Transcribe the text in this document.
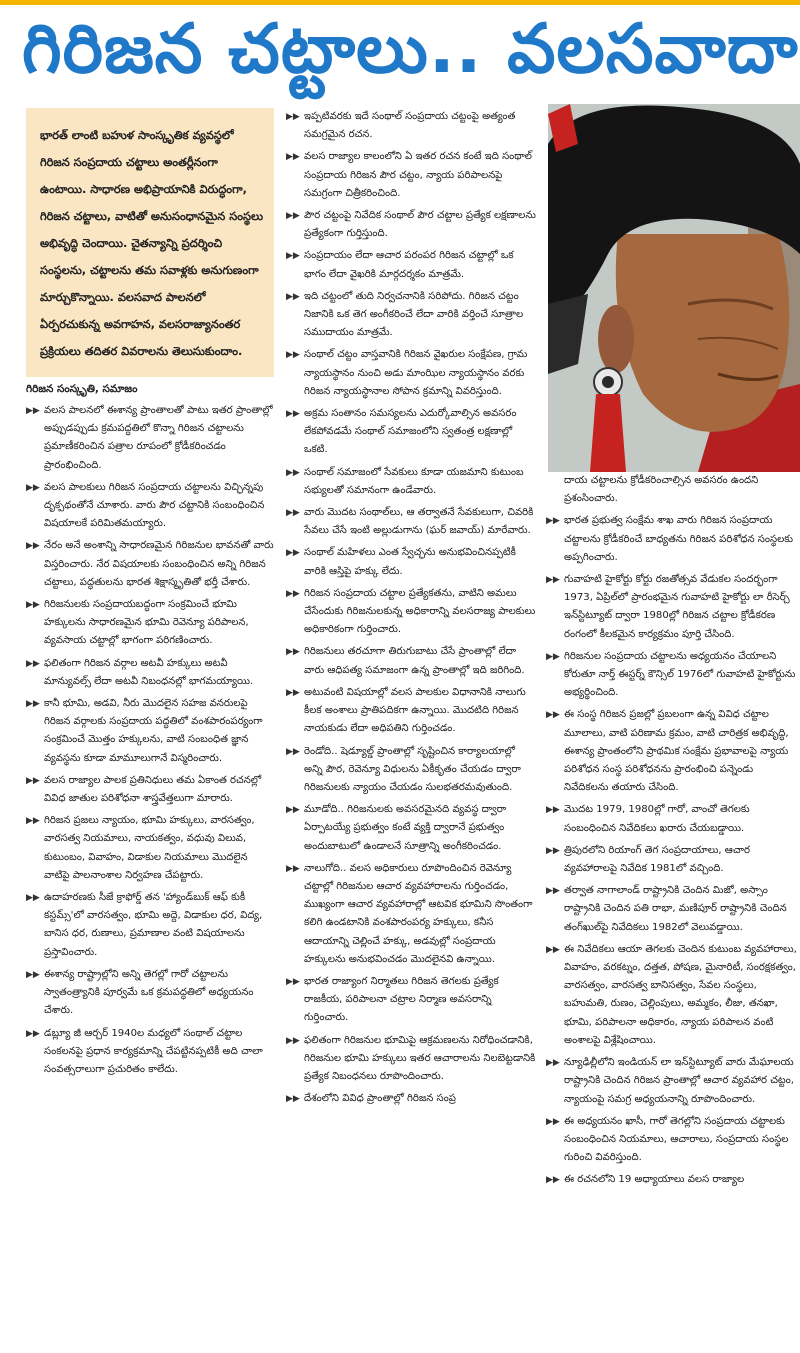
గిరిజన చట్టాలు.. వలసవాదా
భారత్ లాంటి బహుళ సాంస్కృతిక వ్యవస్థలో గిరిజన సంప్రదాయ చట్టాలు అంతర్లీనంగా ఉంటాయి. సాధారణ అభిప్రాయానికి విరుద్ధంగా, గిరిజన చట్టాలు, వాటితో అనుసంధానమైన సంస్థలు అభివృద్ధి చెందాయి. చైతన్యాన్ని ప్రదర్శించి సంస్థలను, చట్టాలను తమ సవాళ్లకు అనుగుణంగా మార్చుకొన్నాయి. వలసవాద పాలనలో ఏర్పరచుకున్న అవగాహన, వలసరాజ్యానంతర ప్రక్రియలు తదితర వివరాలను తెలుసుకుందాం.
గిరిజన సంస్కృతి, సమాజం
▶▶ వలస పాలనలో ఈశాన్య ప్రాంతాలతో పాటు ఇతర ప్రాంతాల్లో అప్పుడప్పుడు క్రమపద్ధతిలో కొన్నా గిరిజన చట్టాలను ప్రమాణీకరించిన పత్రాల రూపంలో క్రోడీకరించడం ప్రారంభించింది.
▶▶ వలస పాలకులు గిరిజన సంప్రదాయ చట్టాలను విచ్ఛిన్నపు దృక్పథంతోనే చూశారు. వారు పౌర చట్టానికి సంబంధించిన విషయాలకే పరిమితమయ్యారు.
▶▶ నేరం అనే అంశాన్ని సాధారణమైన గిరిజనుల భావనతో వారు విస్తరించారు. నేర విషయాలకు సంబంధించిన అన్ని గిరిజన చట్టాలు, పద్ధతులను భారత శిక్షాస్మృతితో భర్తీ చేశారు.
▶▶ గిరిజనులకు సంప్రదాయబద్ధంగా సంక్రమించే భూమి హక్కులను సాధారణమైన భూమి రెవెన్యూ పరిపాలన, వ్యవసాయ చట్టాల్లో భాగంగా పరిగణించారు.
▶▶ ఫలితంగా గిరిజన వర్గాల అటవీ హక్కులు అటవీ మాన్యువల్స్ లేదా అటవీ నిబంధనల్లో భాగమయ్యాయి.
▶▶ కానీ భూమి, అడవి, నీరు మొదలైన సహజ వనరులపై గిరిజన వర్గాలకు సంప్రదాయ పద్ధతిలో వంశపారంపర్యంగా సంక్రమించే మొత్తం హక్కులను, వాటి సంబంధిత జ్ఞాన వ్యవస్థను కూడా మామూలుగానే విస్మరించారు.
▶▶ వలస రాజ్యాల పాలక ప్రతినిధులు తమ ఏకాంత రచనల్లో వివిధ జాతుల పరిశోధనా శాస్త్రవేత్తలుగా మారారు.
▶▶ గిరిజన ప్రజలు న్యాయం, భూమి హక్కులు, వారసత్వం, వారసత్వ నియమాలు, నాయకత్వం, వధువు విలువ, కుటుంబం, వివాహం, విడాకుల నియమాలు మొదలైన వాటిపై పాలనాంశాల నిర్వహణ చేపట్టారు.
▶▶ ఉదాహరణకు సీజే క్రాఫోర్డ్ తన 'హ్యాండ్‌బుక్ ఆఫ్ కుకీ కస్టమ్స్‌'లో వారసత్వం, భూమి అద్దె, విడాకుల ధర, విద్య, బానిస ధర, రుణాలు, ప్రమాణాల వంటి విషయాలను ప్రస్తావించారు.
▶▶ ఈశాన్య రాష్ట్రాల్లోని అన్ని తెగల్లో గారో చట్టాలను స్వాతంత్ర్యానికి పూర్వమే ఒక క్రమపద్ధతిలో అధ్యయనం చేశారు.
▶▶ డబ్ల్యూ జీ ఆర్చర్ 1940ల మధ్యలో సంథాల్ చట్టాల సంకలనపై ప్రధాన కార్యక్రమాన్ని చేపట్టినప్పటికీ అది చాలా సంవత్సరాలుగా ప్రచురితం కాలేదు.
▶▶ ఇప్పటివరకు ఇదే సంథాల్ సంప్రదాయ చట్టంపై అత్యంత సమగ్రమైన రచన.
▶▶ వలస రాజ్యాల కాలంలోని ఏ ఇతర రచన కంటే ఇది సంథాల్ సంప్రదాయ గిరిజన పౌర చట్టం, న్యాయ పరిపాలనపై సమగ్రంగా చిత్రీకరించింది.
▶▶ పౌర చట్టంపై నివేదిక సంథాల్ పౌర చట్టాల ప్రత్యేక లక్షణాలను ప్రత్యేకంగా గుర్తిస్తుంది.
▶▶ సంప్రదాయం లేదా ఆచార పరంపర గిరిజన చట్టాల్లో ఒక భాగం లేదా వైఖరికి మార్గదర్శకం మాత్రమే.
▶▶ ఇది చట్టంలో తుది నిర్వచనానికి సరిపోదు. గిరిజన చట్టం నిజానికి ఒక తెగ అంగీకరించే లేదా వారికి వర్తించే సూత్రాల సముదాయం మాత్రమే.
▶▶ సంథాల్ చట్టం వాస్తవానికి గిరిజన వైఖరుల సంక్షేపణ, గ్రామ న్యాయస్థానం నుంచి అడు మాంఝిల న్యాయస్థానం వరకు గిరిజన న్యాయస్థానాల సోపాన క్రమాన్ని వివరిస్తుంది.
▶▶ అక్రమ సంతానం సమస్యలను ఎదుర్కోవాల్సిన అవసరం లేకపోవడమే సంథాల్ సమాజంలోని స్వతంత్ర లక్షణాల్లో ఒకటి.
▶▶ సంథాల్ సమాజంలో సేవకులు కూడా యజమాని కుటుంబ సభ్యులతో సమానంగా ఉండేవారు.
▶▶ వారు మొదట సంథాల్‌లు, ఆ తర్వాతనే సేవకులుగా, చివరికి సేవలు చేసే ఇంటి అల్లుడుగాను (ఘర్ జవాయ్) మారేవారు.
▶▶ సంథాల్ మహిళలు ఎంత స్వేచ్ఛను అనుభవించినప్పటికీ వారికి ఆస్తిపై హక్కు లేదు.
▶▶ గిరిజన సంప్రదాయ చట్టాల ప్రత్యేకతను, వాటిని అమలు చేసేందుకు గిరిజనులకున్న అధికారాన్ని వలసరాజ్య పాలకులు అధికారికంగా గుర్తించారు.
▶▶ గిరిజనులు తరచూగా తిరుగుబాటు చేసే ప్రాంతాల్లో లేదా వారు ఆధిపత్య సమాజంగా ఉన్న ప్రాంతాల్లో ఇది జరిగింది.
▶▶ అటువంటి విషయాల్లో వలస పాలకుల విధానానికి నాలుగు కీలక అంశాలు ప్రాతిపదికగా ఉన్నాయి. మొదటిది గిరిజన నాయకుడు లేదా అధిపతిని గుర్తించడం.
▶▶ రెండోది.. షెడ్యూల్డ్ ప్రాంతాల్లో సృష్టించిన కార్యాలయాల్లో అన్ని పౌర, రెవెన్యూ విధులను ఏకీకృతం చేయడం ద్వారా గిరిజనులకు న్యాయం చేయడం సులభతరమవుతుంది.
▶▶ మూడోది.. గిరిజనులకు అవసరమైనది వ్యవస్థ ద్వారా ఏర్పాటయ్యే ప్రభుత్వం కంటే వ్యక్తి ద్వారానే ప్రభుత్వం అందుబాటులో ఉండాలనే సూత్రాన్ని అంగీకరించడం.
▶▶ నాలుగోది.. వలస అధికారులు రూపొందించిన రెవెన్యూ చట్టాల్లో గిరిజనుల ఆచార వ్యవహారాలను గుర్తించడం, ముఖ్యంగా ఆచార వ్యవహారాల్లో ఆటవిక భూమిని సొంతంగా కలిగి ఉండటానికి వంశపారంపర్య హక్కులు, కనీస ఆదాయాన్ని చెల్లించే హక్కు, అడవుల్లో సంప్రదాయ హక్కులను అనుభవించడం మొదలైనవి ఉన్నాయి.
▶▶ భారత రాజ్యాంగ నిర్మాతలు గిరిజన తెగలకు ప్రత్యేక రాజకీయ, పరిపాలనా చట్రాల నిర్మాణ అవసరాన్ని గుర్తించారు.
▶▶ ఫలితంగా గిరిజనుల భూమిపై ఆక్రమణలను నిరోధించడానికి, గిరిజనుల భూమి హక్కులు ఇతర ఆచారాలను నిలబెట్టడానికి ప్రత్యేక నిబంధనలు రూపొందించారు.
▶▶ దేశంలోని వివిధ ప్రాంతాల్లో గిరిజన సంప్ర
దాయ చట్టాలను క్రోడీకరించాల్సిన అవసరం ఉందని ప్రశంసించారు.
▶▶ భారత ప్రభుత్వ సంక్షేమ శాఖ వారు గిరిజన సంప్రదాయ చట్టాలను క్రోడీకరించే బాధ్యతను గిరిజన పరిశోధన సంస్థలకు అప్పగించారు.
▶▶ గువాహటి హైకోర్టు కోర్టు రజతోత్సవ వేడుకల సందర్భంగా 1973, ఏప్రిల్‌లో ప్రారంభమైన గువాహటి హైకోర్టు లా రీసెర్చ్ ఇన్‌స్టిట్యూట్ ద్వారా 1980ల్లో గిరిజన చట్టాల క్రోడీకరణ రంగంలో కీలకమైన కార్యక్రమం పూర్తి చేసింది.
▶▶ గిరిజనుల సంప్రదాయ చట్టాలను అధ్యయనం చేయాలని కోరుతూ నార్త్ ఈస్టర్న్ కౌన్సిల్ 1976లో గువాహటి హైకోర్టును అభ్యర్థించింది.
▶▶ ఈ సంస్థ గిరిజన ప్రజల్లో ప్రబలంగా ఉన్న వివిధ చట్టాల మూలాలు, వాటి పరిణామ క్రమం, వాటి చారిత్రక అభివృద్ధి, ఈశాన్య ప్రాంతంలోని ప్రాథమిక సంక్షేమ ప్రభావాలపై న్యాయ పరిశోధన సంస్థ పరిశోధనను ప్రారంభించి పన్నెండు నివేదికలను తయారు చేసింది.
▶▶ మొదట 1979, 1980ల్లో గారో, వాంచో తెగలకు సంబంధించిన నివేదికలు ఖరారు చేయబడ్డాయి.
▶▶ త్రిపురలోని రియాంగ్ తెగ సంప్రదాయాలు, ఆచార వ్యవహారాలపై నివేదిక 1981లో వచ్చింది.
▶▶ తర్వాత నాగాలాండ్ రాష్ట్రానికి చెందిన మిజో, అస్సాం రాష్ట్రానికి చెందిన పతి రాభా, మణిపూర్ రాష్ట్రానికి చెందిన తంగ్‌ఖుల్‌పై నివేదికలు 1982లో వెలువడ్డాయి.
▶▶ ఈ నివేదికలు ఆయా తెగలకు చెందిన కుటుంబ వ్యవహారాలు, వివాహం, వరకట్నం, దత్తత, పోషణ, మైనారిటీ, సంరక్షకత్వం, వారసత్వం, వారసత్వ బానిసత్వం, సేవల సంస్థలు, బహుమతి, రుణం, చెల్లింపులు, అమ్మకం, లీజు, తనఖా, భూమి, పరిపాలనా అధికారం, న్యాయ పరిపాలన వంటి అంశాలపై విశ్లేషించాయి.
▶▶ న్యూఢిల్లీలోని ఇండియన్ లా ఇన్‌స్టిట్యూట్ వారు మేఘాలయ రాష్ట్రానికి చెందిన గిరిజన ప్రాంతాల్లో ఆచార వ్యవహార చట్టం, న్యాయంపై సమగ్ర అధ్యయనాన్ని రూపొందించారు.
▶▶ ఈ అధ్యయనం ఖాసీ, గారో తెగల్లోని సంప్రదాయ చట్టాలకు సంబంధించిన నియమాలు, ఆచారాలు, సంప్రదాయ సంస్థల గురించి వివరిస్తుంది.
▶▶ ఈ రచనలోని 19 అధ్యాయాలు వలస రాజ్యాల
